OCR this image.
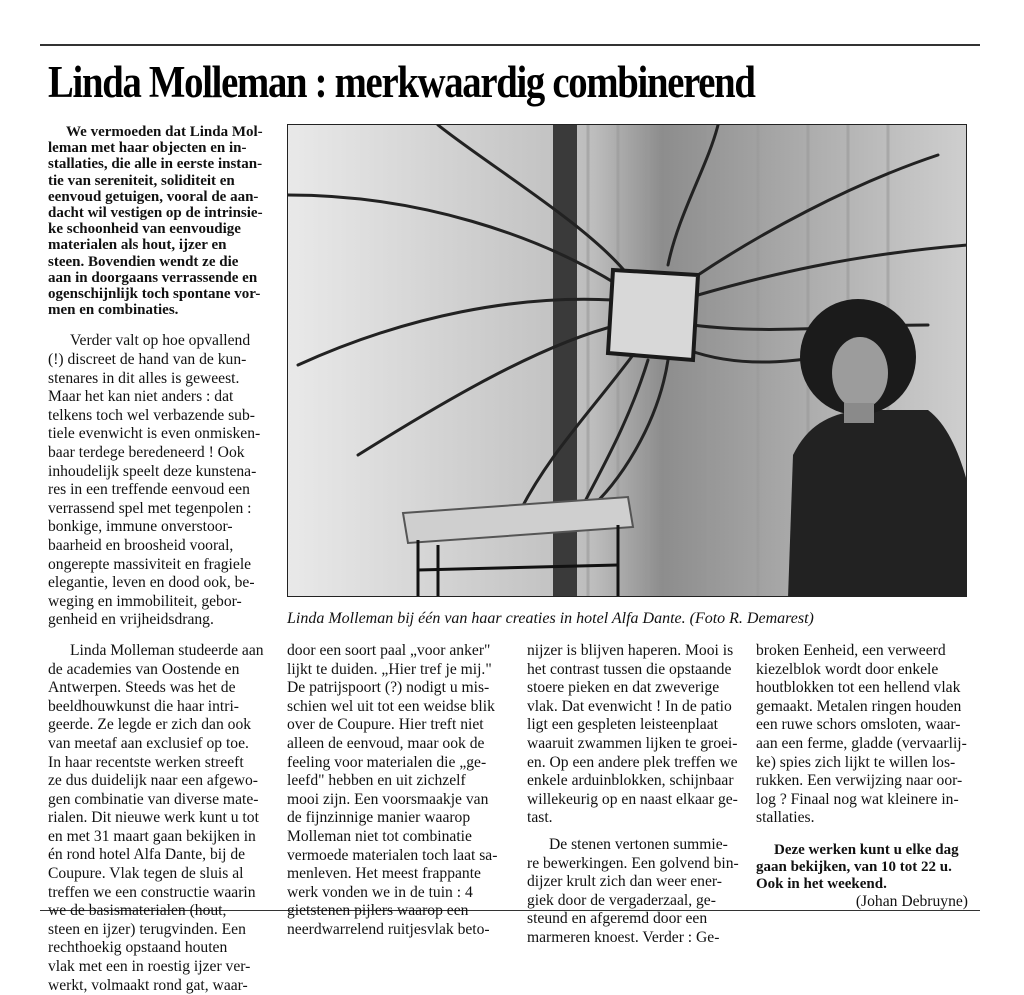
Linda Molleman : merkwaardig combinerend

We vermoeden dat Linda Mol-

leman met haar objecten en in-

stallaties, die alle in eerste instan-

tie van sereniteit, soliditeit en

eenvoud getuigen, vooral de aan-

dacht wil vestigen op de intrinsie-

ke schoonheid van eenvoudige

materialen als hout, ijzer en

steen. Bovendien wendt ze die

aan in doorgaans verrassende en

ogenschijnlijk toch spontane vor-

men en combinaties.

Verder valt op hoe opvallend

(!) discreet de hand van de kun-

stenares in dit alles is geweest.

Maar het kan niet anders : dat

telkens toch wel verbazende sub-

tiele evenwicht is even onmisken-

baar terdege beredeneerd ! Ook

inhoudelijk speelt deze kunstena-

res in een treffende eenvoud een

verrassend spel met tegenpolen :

bonkige, immune onverstoor-

baarheid en broosheid vooral,

ongerepte massiviteit en fragiele

elegantie, leven en dood ook, be-

weging en immobiliteit, gebor-

genheid en vrijheidsdrang.

Linda Molleman studeerde aan

de academies van Oostende en

Antwerpen. Steeds was het de

beeldhouwkunst die haar intri-

geerde. Ze legde er zich dan ook

van meetaf aan exclusief op toe.

In haar recentste werken streeft

ze dus duidelijk naar een afgewo-

gen combinatie van diverse mate-

rialen. Dit nieuwe werk kunt u tot

en met 31 maart gaan bekijken in

én rond hotel Alfa Dante, bij de

Coupure. Vlak tegen de sluis al

treffen we een constructie waarin

we de basismaterialen (hout,

steen en ijzer) terugvinden. Een

rechthoekig opstaand houten

vlak met een in roestig ijzer ver-

werkt, volmaakt rond gat, waar-

Linda Molleman bij één van haar creaties in hotel Alfa Dante. (Foto R. Demarest)

door een soort paal „voor anker"

lijkt te duiden. „Hier tref je mij."

De patrijspoort (?) nodigt u mis-

schien wel uit tot een weidse blik

over de Coupure. Hier treft niet

alleen de eenvoud, maar ook de

feeling voor materialen die „ge-

leefd" hebben en uit zichzelf

mooi zijn. Een voorsmaakje van

de fijnzinnige manier waarop

Molleman niet tot combinatie

vermoede materialen toch laat sa-

menleven. Het meest frappante

werk vonden we in de tuin : 4

gietstenen pijlers waarop een

neerdwarrelend ruitjesvlak beto-

nijzer is blijven haperen. Mooi is

het contrast tussen die opstaande

stoere pieken en dat zweverige

vlak. Dat evenwicht ! In de patio

ligt een gespleten leisteenplaat

waaruit zwammen lijken te groei-

en. Op een andere plek treffen we

enkele arduinblokken, schijnbaar

willekeurig op en naast elkaar ge-

tast.

De stenen vertonen summie-

re bewerkingen. Een golvend bin-

dijzer krult zich dan weer ener-

giek door de vergaderzaal, ge-

steund en afgeremd door een

marmeren knoest. Verder : Ge-

broken Eenheid, een verweerd

kiezelblok wordt door enkele

houtblokken tot een hellend vlak

gemaakt. Metalen ringen houden

een ruwe schors omsloten, waar-

aan een ferme, gladde (vervaarlij-

ke) spies zich lijkt te willen los-

rukken. Een verwijzing naar oor-

log ? Finaal nog wat kleinere in-

stallaties.

Deze werken kunt u elke dag

gaan bekijken, van 10 tot 22 u.

Ook in het weekend.

(Johan Debruyne)
